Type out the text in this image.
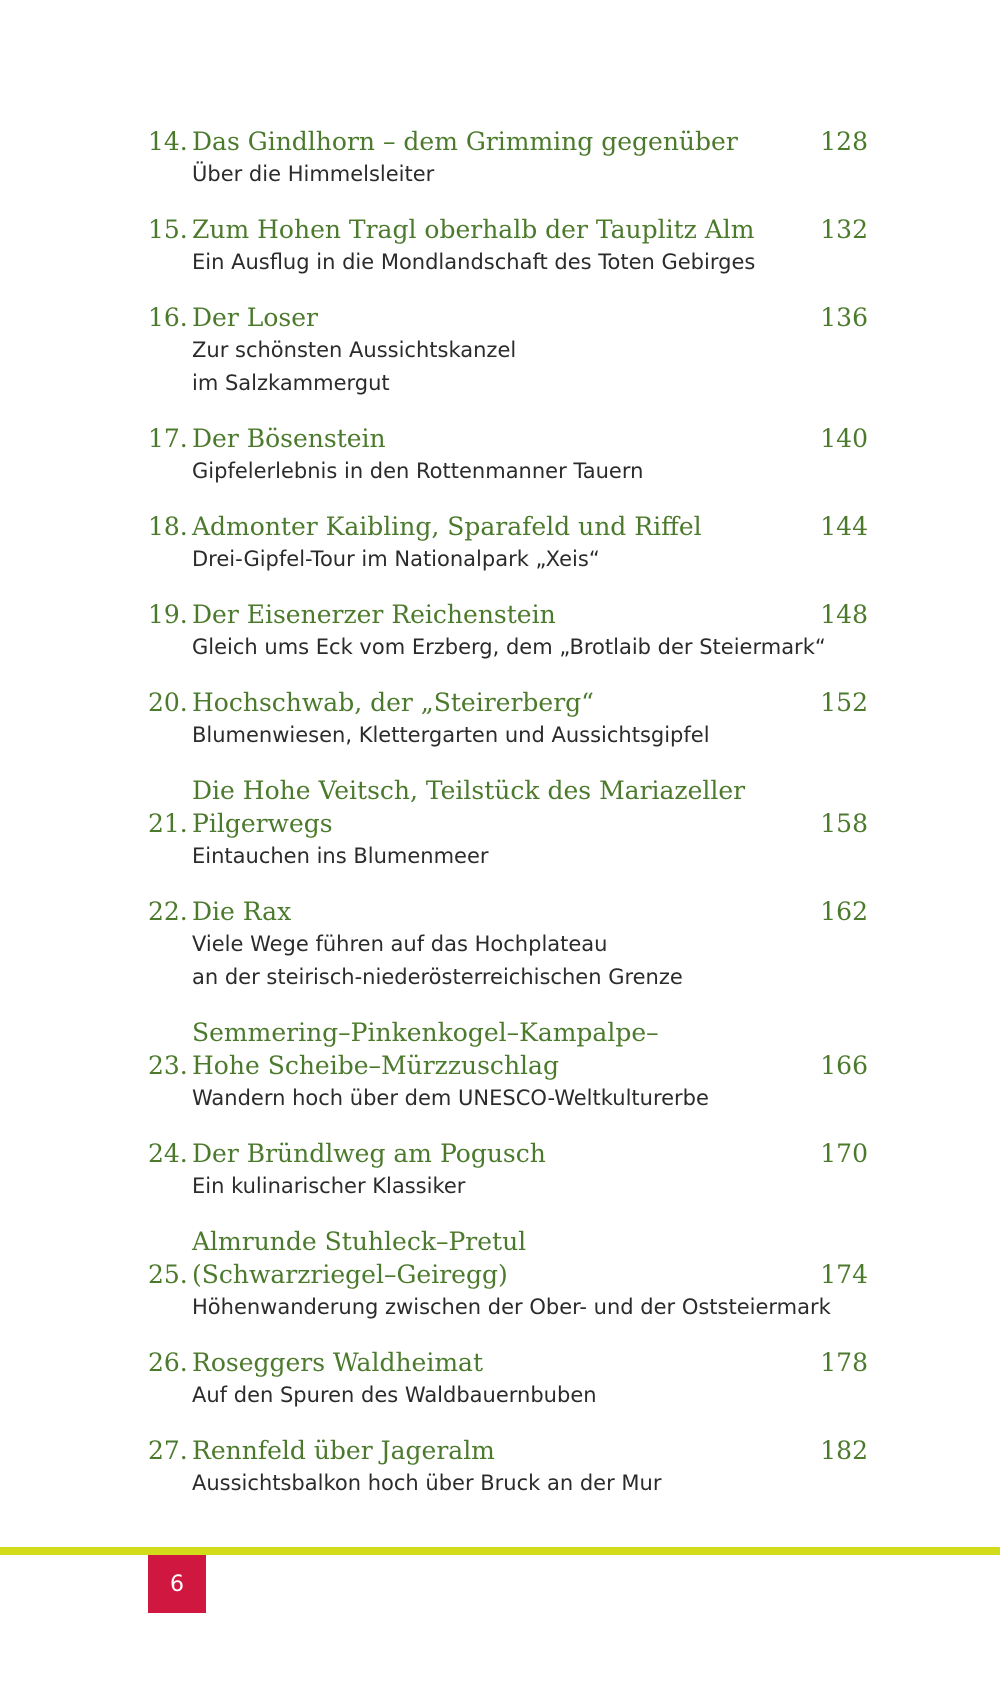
14. Das Gindlhorn – dem Grimming gegenüber	128
Über die Himmelsleiter
15. Zum Hohen Tragl oberhalb der Tauplitz Alm	132
Ein Ausflug in die Mondlandschaft des Toten Gebirges
16. Der Loser	136
Zur schönsten Aussichtskanzel
im Salzkammergut
17. Der Bösenstein	140
Gipfelerlebnis in den Rottenmanner Tauern
18. Admonter Kaibling, Sparafeld und Riffel	144
Drei-Gipfel-Tour im Nationalpark „Xeis“
19. Der Eisenerzer Reichenstein	148
Gleich ums Eck vom Erzberg, dem „Brotlaib der Steiermark“
20. Hochschwab, der „Steirerberg“	152
Blumenwiesen, Klettergarten und Aussichtsgipfel
21.
Die Hohe Veitsch, Teilstück des Mariazeller
Pilgerwegs	158
Eintauchen ins Blumenmeer
22. Die Rax	162
Viele Wege führen auf das Hochplateau
an der steirisch-niederösterreichischen Grenze
23.
Semmering–Pinkenkogel–Kampalpe–
Hohe Scheibe–Mürzzuschlag	166
Wandern hoch über dem UNESCO-Weltkulturerbe
24. Der Bründlweg am Pogusch	170
Ein kulinarischer Klassiker
25.
Almrunde Stuhleck–Pretul
(Schwarzriegel–Geiregg)	174
Höhenwanderung zwischen der Ober- und der Oststeiermark
26. Roseggers Waldheimat	178
Auf den Spuren des Waldbauernbuben
27. Rennfeld über Jageralm	182
Aussichtsbalkon hoch über Bruck an der Mur
6
